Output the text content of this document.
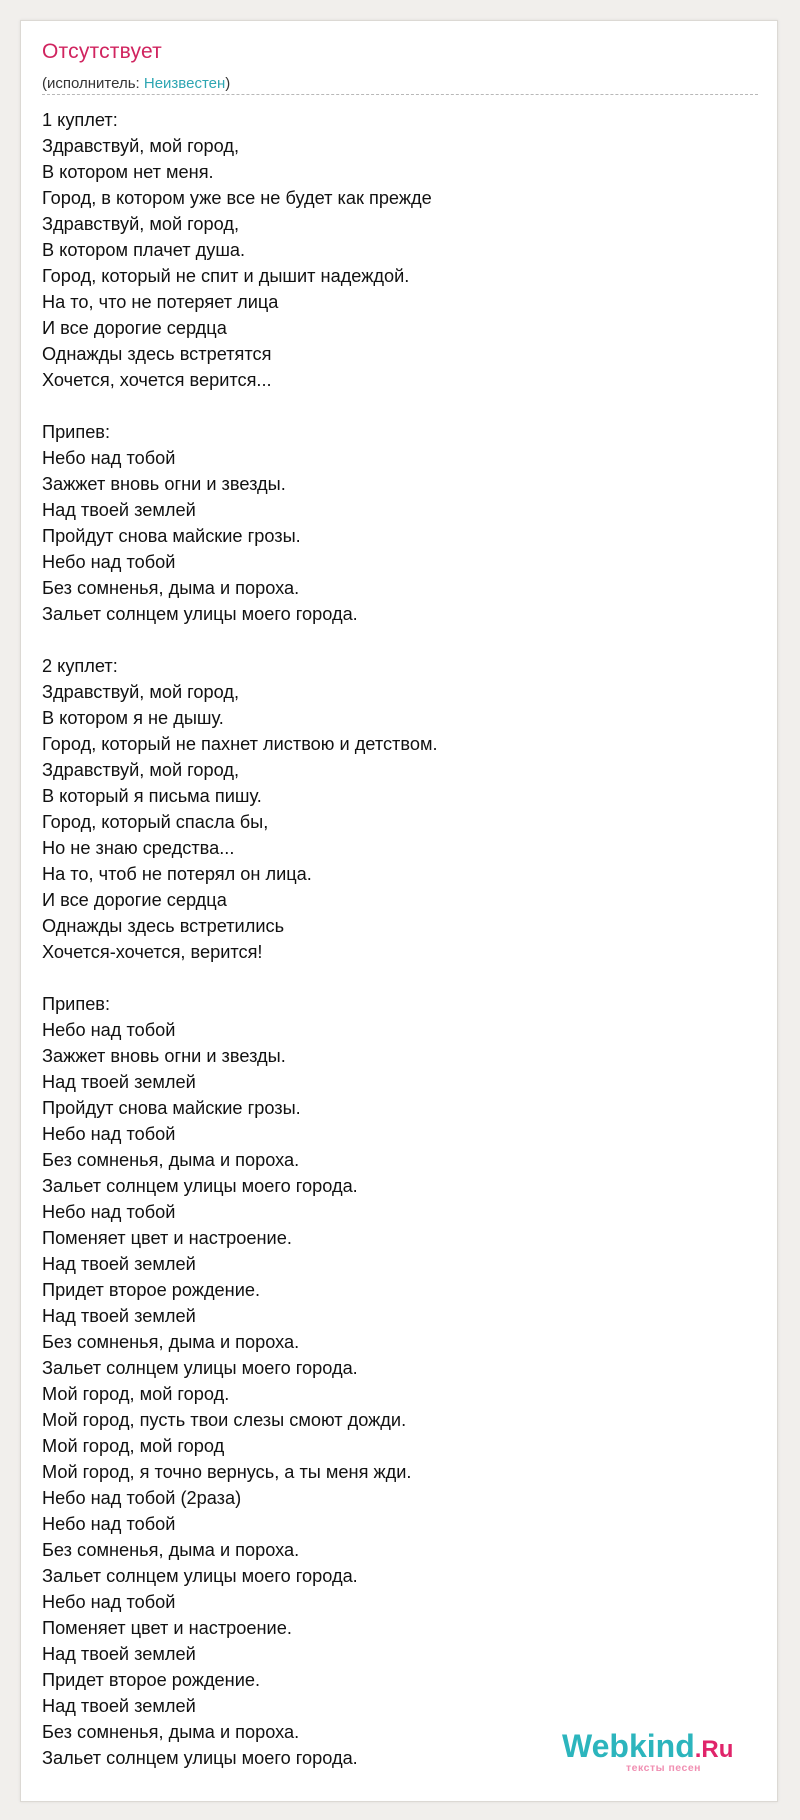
Отсутствует
(исполнитель: Неизвестен)
1 куплет:
Здравствуй, мой город,
В котором нет меня.
Город, в котором уже все не будет как прежде
Здравствуй, мой город,
В котором плачет душа.
Город, который не спит и дышит надеждой.
На то, что не потеряет лица
И все дорогие сердца
Однажды здесь встретятся
Хочется, хочется верится...

Припев:
Небо над тобой
Зажжет вновь огни и звезды.
Над твоей землей
Пройдут снова майские грозы.
Небо над тобой
Без сомненья, дыма и пороха.
Зальет солнцем улицы моего города.

2 куплет:
Здравствуй, мой город,
В котором я не дышу.
Город, который не пахнет листвою и детством.
Здравствуй, мой город,
В который я письма пишу.
Город, который спасла бы,
Но не знаю средства...
На то, чтоб не потерял он лица.
И все дорогие сердца
Однажды здесь встретились
Хочется-хочется, верится!

Припев:
Небо над тобой
Зажжет вновь огни и звезды.
Над твоей землей
Пройдут снова майские грозы.
Небо над тобой
Без сомненья, дыма и пороха.
Зальет солнцем улицы моего города.
Небо над тобой
Поменяет цвет и настроение.
Над твоей землей
Придет второе рождение.
Над твоей землей
Без сомненья, дыма и пороха.
Зальет солнцем улицы моего города.
Мой город, мой город.
Мой город, пусть твои слезы смоют дожди.
Мой город, мой город
Мой город, я точно вернусь, а ты меня жди.
Небо над тобой (2раза)
Небо над тобой
Без сомненья, дыма и пороха.
Зальет солнцем улицы моего города.
Небо над тобой
Поменяет цвет и настроение.
Над твоей землей
Придет второе рождение.
Над твоей землей
Без сомненья, дыма и пороха.
Зальет солнцем улицы моего города.	Webkind.Ru
тексты песен
